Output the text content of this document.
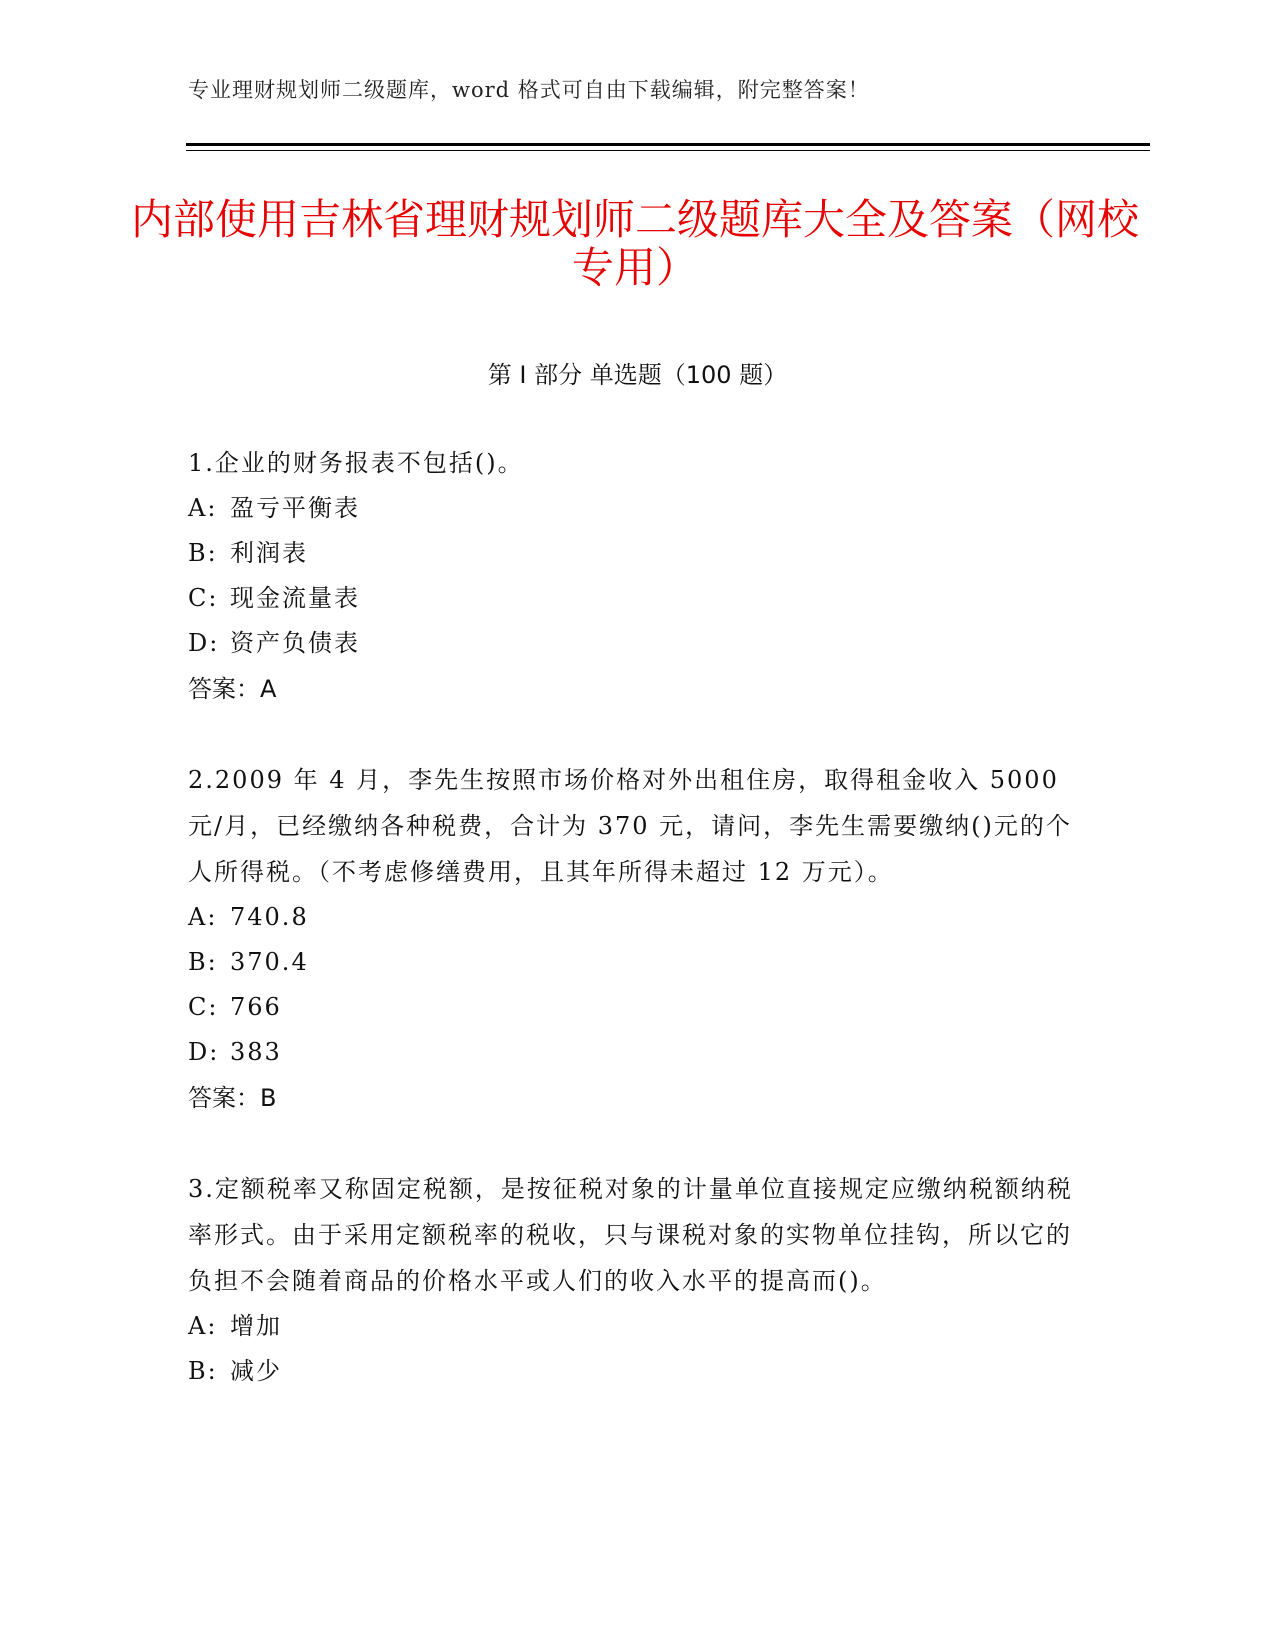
专业理财规划师二级题库，word 格式可自由下载编辑，附完整答案！
内部使用吉林省理财规划师二级题库大全及答案（网校专用）
第 I 部分 单选题（100 题）

1.企业的财务报表不包括()。

A: 盈亏平衡表

B: 利润表

C: 现金流量表

D: 资产负债表

答案：A

2.2009 年 4 月，李先生按照市场价格对外出租住房，取得租金收入 5000 元/月，已经缴纳各种税费，合计为 370 元，请问，李先生需要缴纳()元的个人所得税。（不考虑修缮费用，且其年所得未超过 12 万元）。

A: 740.8

B: 370.4

C: 766

D: 383

答案：B

3.定额税率又称固定税额，是按征税对象的计量单位直接规定应缴纳税额纳税率形式。由于采用定额税率的税收，只与课税对象的实物单位挂钩，所以它的负担不会随着商品的价格水平或人们的收入水平的提高而()。

A: 增加

B: 减少
